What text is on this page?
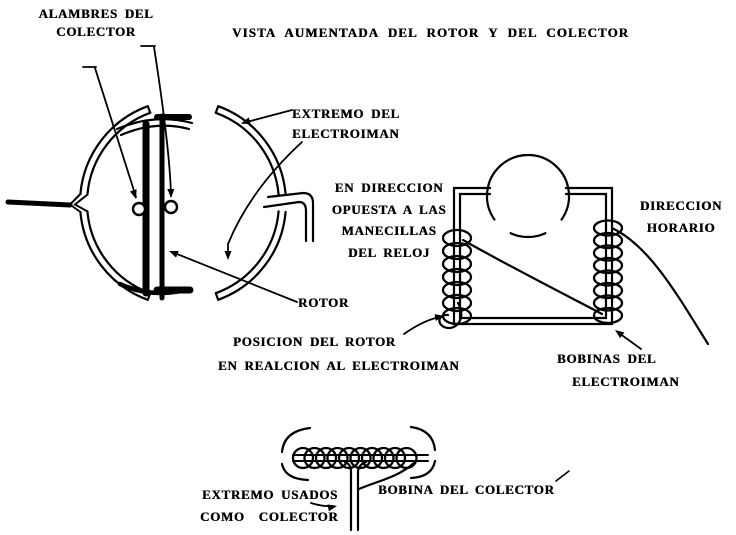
ALAMBRES DEL
COLECTOR	VISTA AUMENTADA DEL ROTOR Y DEL COLECTOR
EXTREMO DEL
ELECTROIMAN
EN DIRECCION
OPUESTA A LAS
MANECILLAS
DEL RELOJ
DIRECCION
HORARIO
ROTOR
POSICION DEL ROTOR
EN REALCION AL ELECTROIMAN	BOBINAS DEL
ELECTROIMAN
EXTREMO USADOS
COMO COLECTOR
BOBINA DEL COLECTOR
